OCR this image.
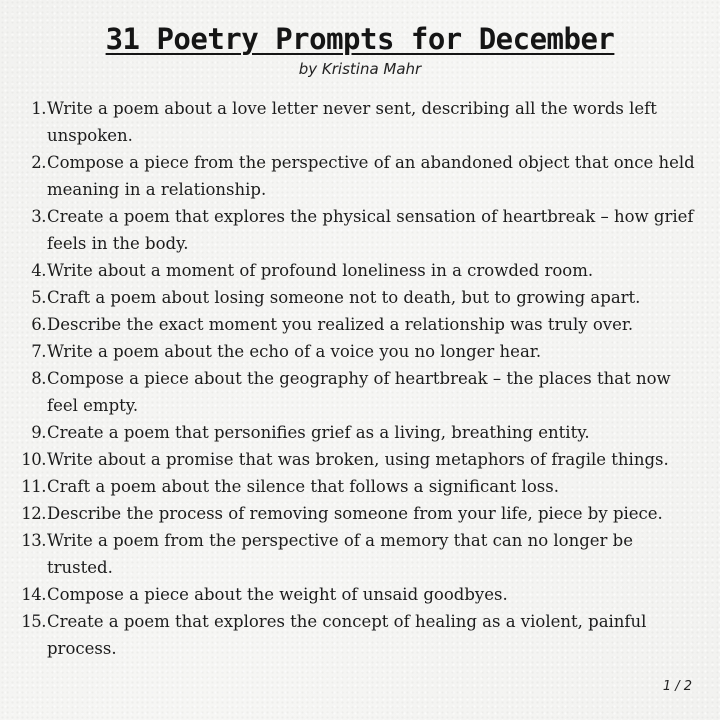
31 Poetry Prompts for December
by Kristina Mahr
1. Write a poem about a love letter never sent, describing all the words left unspoken.
2. Compose a piece from the perspective of an abandoned object that once held meaning in a relationship.
3. Create a poem that explores the physical sensation of heartbreak – how grief feels in the body.
4. Write about a moment of profound loneliness in a crowded room.
5. Craft a poem about losing someone not to death, but to growing apart.
6. Describe the exact moment you realized a relationship was truly over.
7. Write a poem about the echo of a voice you no longer hear.
8. Compose a piece about the geography of heartbreak – the places that now feel empty.
9. Create a poem that personifies grief as a living, breathing entity.
10. Write about a promise that was broken, using metaphors of fragile things.
11. Craft a poem about the silence that follows a significant loss.
12. Describe the process of removing someone from your life, piece by piece.
13. Write a poem from the perspective of a memory that can no longer be trusted.
14. Compose a piece about the weight of unsaid goodbyes.
15. Create a poem that explores the concept of healing as a violent, painful process.
1 / 2
